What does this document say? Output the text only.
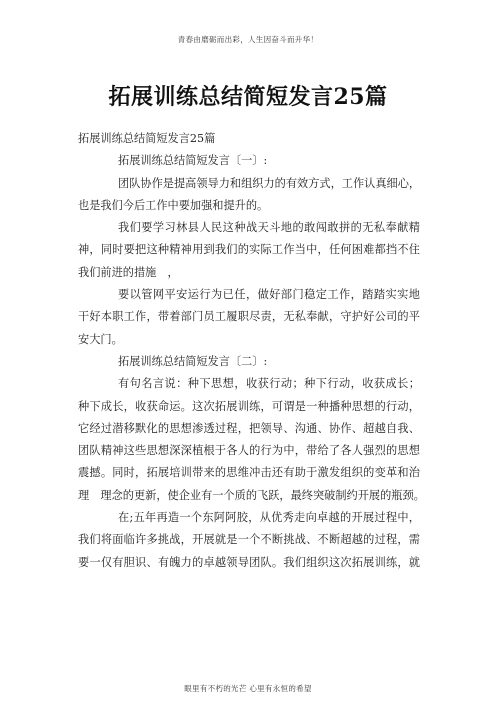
青春由磨砺而出彩，人生因奋斗而升华！
拓展训练总结简短发言25篇
拓展训练总结简短发言25篇
拓展训练总结简短发言〔一〕:
团队协作是提高领导力和组织力的有效方式，工作认真细心，
也是我们今后工作中要加强和提升的。
我们要学习林县人民这种战天斗地的敢闯敢拼的无私奉献精
神，同时要把这种精神用到我们的实际工作当中，任何困难都挡不住
我们前进的措施　，
要以管网平安运行为已任，做好部门稳定工作，踏踏实实地
干好本职工作，带着部门员工履职尽责，无私奉献，守护好公司的平
安大门。
拓展训练总结简短发言〔二〕:
有句名言说：种下思想，收获行动；种下行动，收获成长；
种下成长，收获命运。这次拓展训练，可谓是一种播种思想的行动，
它经过潜移默化的思想渗透过程，把领导、沟通、协作、超越自我、
团队精神这些思想深深植根于各人的行为中，带给了各人强烈的思想
震撼。同时，拓展培训带来的思维冲击还有助于激发组织的变革和治
理　理念的更新，使企业有一个质的飞跃，最终突破制约开展的瓶颈。
在;五年再造一个东阿阿胶，从优秀走向卓越的开展过程中，
我们将面临许多挑战，开展就是一个不断挑战、不断超越的过程，需
要一仅有胆识、有魄力的卓越领导团队。我们组织这次拓展训练，就
眼里有不朽的光芒 心里有永恒的希望
